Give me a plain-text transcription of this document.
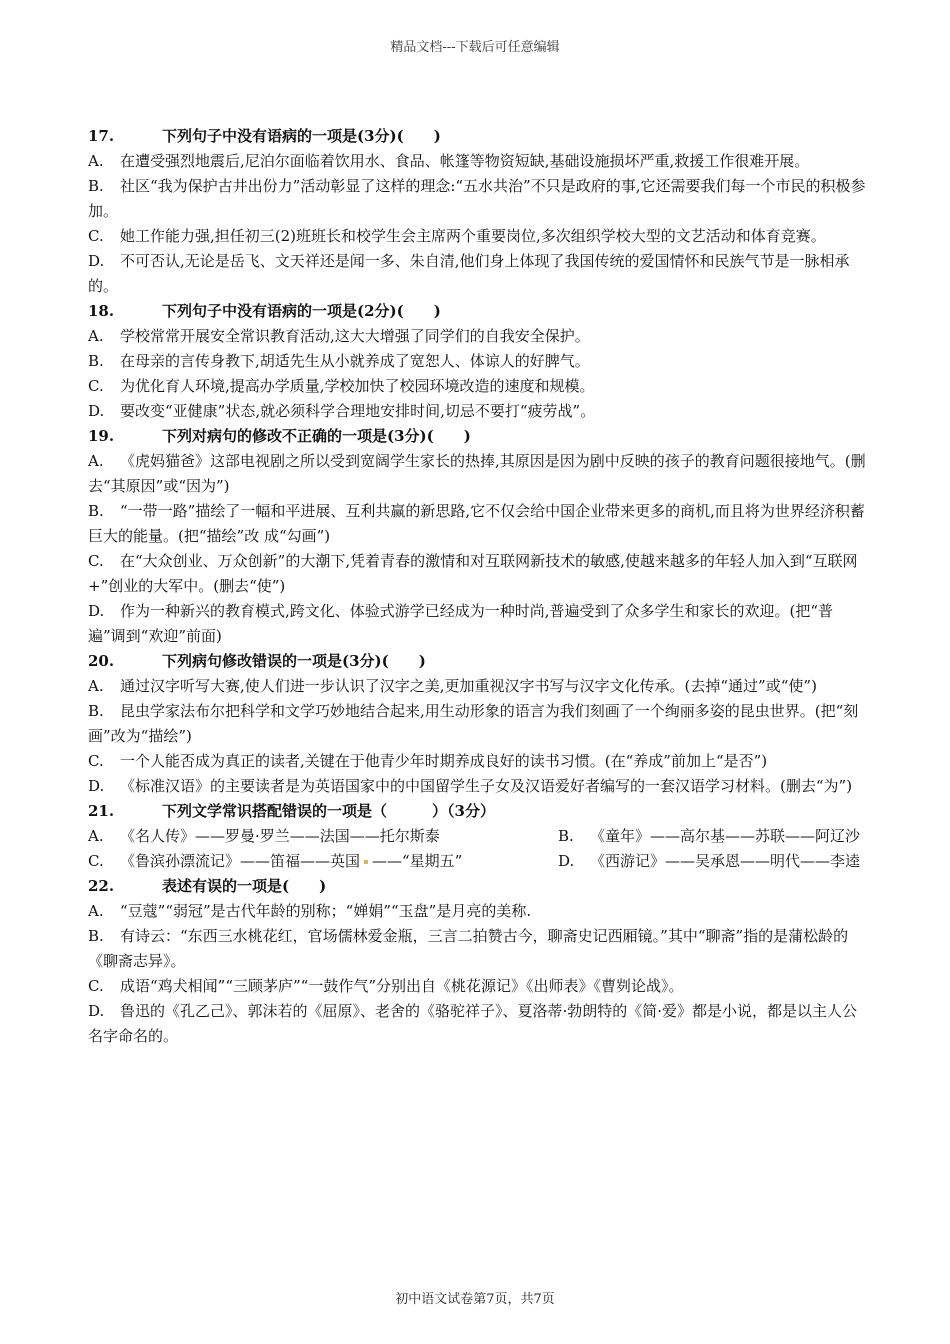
精品文档---下载后可任意编辑
17.	下列句子中没有语病的一项是(3分)(　　)
A. 在遭受强烈地震后,尼泊尔面临着饮用水、食品、帐篷等物资短缺,基础设施损坏严重,救援工作很难开展。
B. 社区“我为保护古井出份力”活动彰显了这样的理念:“五水共治”不只是政府的事,它还需要我们每一个市民的积极参加。
C. 她工作能力强,担任初三(2)班班长和校学生会主席两个重要岗位,多次组织学校大型的文艺活动和体育竞赛。
D. 不可否认,无论是岳飞、文天祥还是闻一多、朱自清,他们身上体现了我国传统的爱国情怀和民族气节是一脉相承的。
18.	下列句子中没有语病的一项是(2分)(　　)
A. 学校常常开展安全常识教育活动,这大大增强了同学们的自我安全保护。
B. 在母亲的言传身教下,胡适先生从小就养成了宽恕人、体谅人的好脾气。
C. 为优化育人环境,提高办学质量,学校加快了校园环境改造的速度和规模。
D. 要改变“亚健康”状态,就必须科学合理地安排时间,切忌不要打“疲劳战”。
19.	下列对病句的修改不正确的一项是(3分)(　　)
A. 《虎妈猫爸》这部电视剧之所以受到宽阔学生家长的热捧,其原因是因为剧中反映的孩子的教育问题很接地气。(删去“其原因”或“因为”)
B. “一带一路”描绘了一幅和平进展、互利共赢的新思路,它不仅会给中国企业带来更多的商机,而且将为世界经济积蓄巨大的能量。(把“描绘”改 成“勾画”)
C. 在“大众创业、万众创新”的大潮下,凭着青春的激情和对互联网新技术的敏感,使越来越多的年轻人加入到“互联网+”创业的大军中。(删去“使”)
D. 作为一种新兴的教育模式,跨文化、体验式游学已经成为一种时尚,普遍受到了众多学生和家长的欢迎。(把“普遍”调到“欢迎”前面)
20.	下列病句修改错误的一项是(3分)(　　)
A. 通过汉字听写大赛,使人们进一步认识了汉字之美,更加重视汉字书写与汉字文化传承。(去掉“通过”或“使”)
B. 昆虫学家法布尔把科学和文学巧妙地结合起来,用生动形象的语言为我们刻画了一个绚丽多姿的昆虫世界。(把“刻画”改为“描绘”)
C. 一个人能否成为真正的读者,关键在于他青少年时期养成良好的读书习惯。(在“养成”前加上“是否”)
D. 《标准汉语》的主要读者是为英语国家中的中国留学生子女及汉语爱好者编写的一套汉语学习材料。(删去“为”)
21.	下列文学常识搭配错误的一项是（　　　）（3分）
A. 《名人传》——罗曼·罗兰——法国——托尔斯泰	B. 《童年》——高尔基——苏联——阿辽沙
C. 《鲁滨孙漂流记》——笛福——英国 ——“星期五”	D. 《西游记》——吴承恩——明代——李逵
22.	表述有误的一项是(　　)
A. “豆蔻”“弱冠”是古代年龄的别称；“婵娟”“玉盘”是月亮的美称.
B. 有诗云：“东西三水桃花红，官场儒林爱金瓶，三言二拍赞古今，聊斋史记西厢镜。”其中“聊斋”指的是蒲松龄的《聊斋志异》。
C. 成语“鸡犬相闻”“三顾茅庐”“一鼓作气”分别出自《桃花源记》《出师表》《曹刿论战》。
D. 鲁迅的《孔乙己》、郭沫若的《屈原》、老舍的《骆驼祥子》、夏洛蒂·勃朗特的《简·爱》都是小说，都是以主人公名字命名的。
初中语文试卷第7页，共7页
